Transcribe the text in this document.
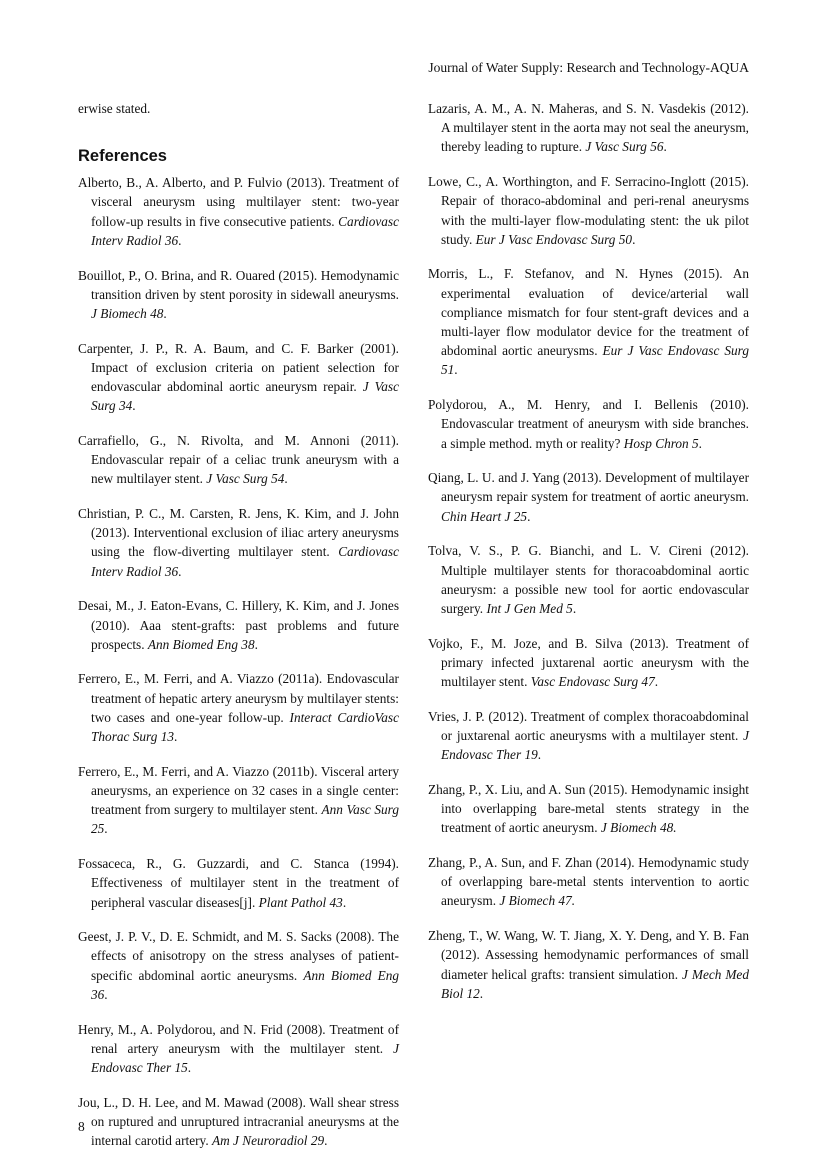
Journal of Water Supply: Research and Technology-AQUA

erwise stated.

References

Alberto, B., A. Alberto, and P. Fulvio (2013). Treatment of visceral aneurysm using multilayer stent: two-year follow-up results in five consecutive patients. Cardiovasc Interv Radiol 36.

Bouillot, P., O. Brina, and R. Ouared (2015). Hemodynamic transition driven by stent porosity in sidewall aneurysms. J Biomech 48.

Carpenter, J. P., R. A. Baum, and C. F. Barker (2001). Impact of exclusion criteria on patient selection for endovascular abdominal aortic aneurysm repair. J Vasc Surg 34.

Carrafiello, G., N. Rivolta, and M. Annoni (2011). Endovascular repair of a celiac trunk aneurysm with a new multilayer stent. J Vasc Surg 54.

Christian, P. C., M. Carsten, R. Jens, K. Kim, and J. John (2013). Interventional exclusion of iliac artery aneurysms using the flow-diverting multilayer stent. Cardiovasc Interv Radiol 36.

Desai, M., J. Eaton-Evans, C. Hillery, K. Kim, and J. Jones (2010). Aaa stent-grafts: past problems and future prospects. Ann Biomed Eng 38.

Ferrero, E., M. Ferri, and A. Viazzo (2011a). Endovascular treatment of hepatic artery aneurysm by multilayer stents: two cases and one-year follow-up. Interact CardioVasc Thorac Surg 13.

Ferrero, E., M. Ferri, and A. Viazzo (2011b). Visceral artery aneurysms, an experience on 32 cases in a single center: treatment from surgery to multilayer stent. Ann Vasc Surg 25.

Fossaceca, R., G. Guzzardi, and C. Stanca (1994). Effectiveness of multilayer stent in the treatment of peripheral vascular diseases[j]. Plant Pathol 43.

Geest, J. P. V., D. E. Schmidt, and M. S. Sacks (2008). The effects of anisotropy on the stress analyses of patient-specific abdominal aortic aneurysms. Ann Biomed Eng 36.

Henry, M., A. Polydorou, and N. Frid (2008). Treatment of renal artery aneurysm with the multilayer stent. J Endovasc Ther 15.

Jou, L., D. H. Lee, and M. Mawad (2008). Wall shear stress on ruptured and unruptured intracranial aneurysms at the internal carotid artery. Am J Neuroradiol 29.

Lazaris, A. M., A. N. Maheras, and S. N. Vasdekis (2012). A multilayer stent in the aorta may not seal the aneurysm, thereby leading to rupture. J Vasc Surg 56.

Lowe, C., A. Worthington, and F. Serracino-Inglott (2015). Repair of thoraco-abdominal and peri-renal aneurysms with the multi-layer flow-modulating stent: the uk pilot study. Eur J Vasc Endovasc Surg 50.

Morris, L., F. Stefanov, and N. Hynes (2015). An experimental evaluation of device/arterial wall compliance mismatch for four stent-graft devices and a multi-layer flow modulator device for the treatment of abdominal aortic aneurysms. Eur J Vasc Endovasc Surg 51.

Polydorou, A., M. Henry, and I. Bellenis (2010). Endovascular treatment of aneurysm with side branches. a simple method. myth or reality? Hosp Chron 5.

Qiang, L. U. and J. Yang (2013). Development of multilayer aneurysm repair system for treatment of aortic aneurysm. Chin Heart J 25.

Tolva, V. S., P. G. Bianchi, and L. V. Cireni (2012). Multiple multilayer stents for thoracoabdominal aortic aneurysm: a possible new tool for aortic endovascular surgery. Int J Gen Med 5.

Vojko, F., M. Joze, and B. Silva (2013). Treatment of primary infected juxtarenal aortic aneurysm with the multilayer stent. Vasc Endovasc Surg 47.

Vries, J. P. (2012). Treatment of complex thoracoabdominal or juxtarenal aortic aneurysms with a multilayer stent. J Endovasc Ther 19.

Zhang, P., X. Liu, and A. Sun (2015). Hemodynamic insight into overlapping bare-metal stents strategy in the treatment of aortic aneurysm. J Biomech 48.

Zhang, P., A. Sun, and F. Zhan (2014). Hemodynamic study of overlapping bare-metal stents intervention to aortic aneurysm. J Biomech 47.

Zheng, T., W. Wang, W. T. Jiang, X. Y. Deng, and Y. B. Fan (2012). Assessing hemodynamic performances of small diameter helical grafts: transient simulation. J Mech Med Biol 12.

8
